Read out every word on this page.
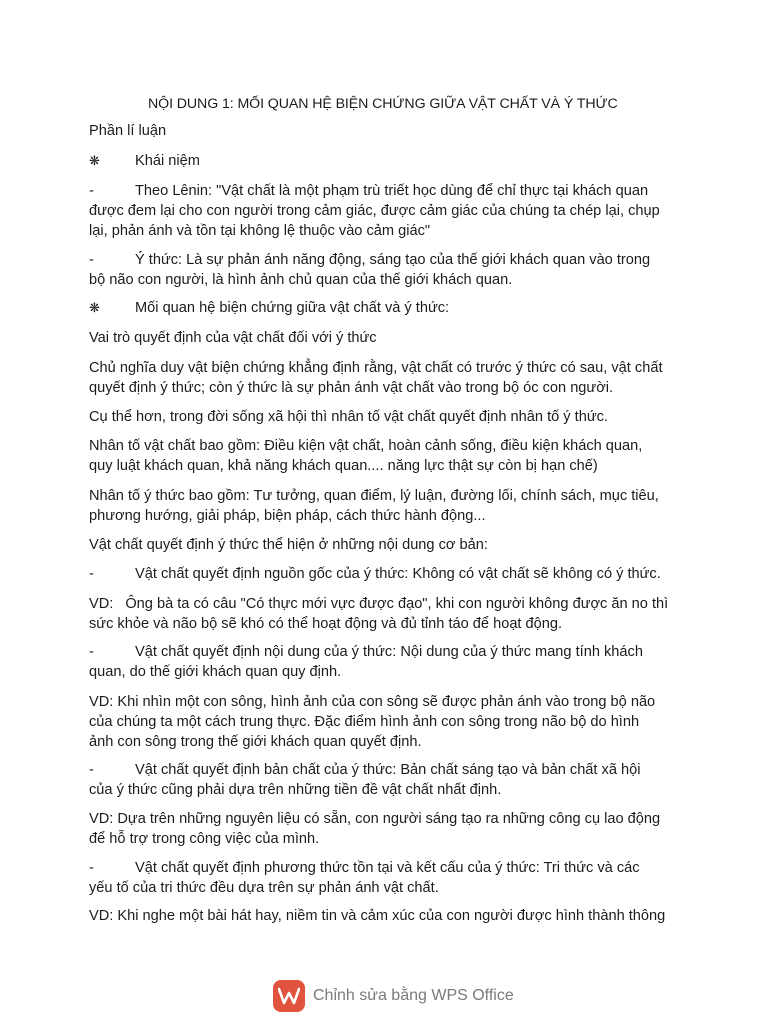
NỘI DUNG 1: MỐI QUAN HỆ BIỆN CHỨNG GIỮA VẬT CHẤT VÀ Ý THỨC

Phần lí luận

❋ Khái niệm

-	Theo Lênin: "Vật chất là một phạm trù triết học dùng để chỉ thực tại khách quan

được đem lại cho con người trong cảm giác, được cảm giác của chúng ta chép lại, chụp

lại, phản ánh và tồn tại không lệ thuộc vào cảm giác"

-	Ý thức: Là sự phản ánh năng động, sáng tạo của thế giới khách quan vào trong

bộ não con người, là hình ảnh chủ quan của thế giới khách quan.

❋ Mối quan hệ biện chứng giữa vật chất và ý thức:

Vai trò quyết định của vật chất đối với ý thức

Chủ nghĩa duy vật biện chứng khẳng định rằng, vật chất có trước ý thức có sau, vật chất

quyết định ý thức; còn ý thức là sự phản ánh vật chất vào trong bộ óc con người.

Cụ thể hơn, trong đời sống xã hội thì nhân tố vật chất quyết định nhân tố ý thức.

Nhân tố vật chất bao gồm: Điều kiện vật chất, hoàn cảnh sống, điều kiện khách quan,

quy luật khách quan, khả năng khách quan.... năng lực thật sự còn bị hạn chế)

Nhân tố ý thức bao gồm: Tư tưởng, quan điểm, lý luận, đường lối, chính sách, mục tiêu,

phương hướng, giải pháp, biện pháp, cách thức hành động...

Vật chất quyết định ý thức thể hiện ở những nội dung cơ bản:

-	Vật chất quyết định nguồn gốc của ý thức: Không có vật chất sẽ không có ý thức.

VD: Ông bà ta có câu "Có thực mới vực được đạo", khi con người không được ăn no thì

sức khỏe và não bộ sẽ khó có thể hoạt động và đủ tỉnh táo để hoạt động.

-	Vật chất quyết định nội dung của ý thức: Nội dung của ý thức mang tính khách

quan, do thế giới khách quan quy định.

VD: Khi nhìn một con sông, hình ảnh của con sông sẽ được phản ánh vào trong bộ não

của chúng ta một cách trung thực. Đặc điểm hình ảnh con sông trong não bộ do hình

ảnh con sông trong thế giới khách quan quyết định.

-	Vật chất quyết định bản chất của ý thức: Bản chất sáng tạo và bản chất xã hội

của ý thức cũng phải dựa trên những tiền đề vật chất nhất định.

VD: Dựa trên những nguyên liệu có sẵn, con người sáng tạo ra những công cụ lao động

để hỗ trợ trong công việc của mình.

-	Vật chất quyết định phương thức tồn tại và kết cấu của ý thức: Tri thức và các

yếu tố của tri thức đều dựa trên sự phản ánh vật chất.

VD: Khi nghe một bài hát hay, niềm tin và cảm xúc của con người được hình thành thông

Chỉnh sửa bằng WPS Office
